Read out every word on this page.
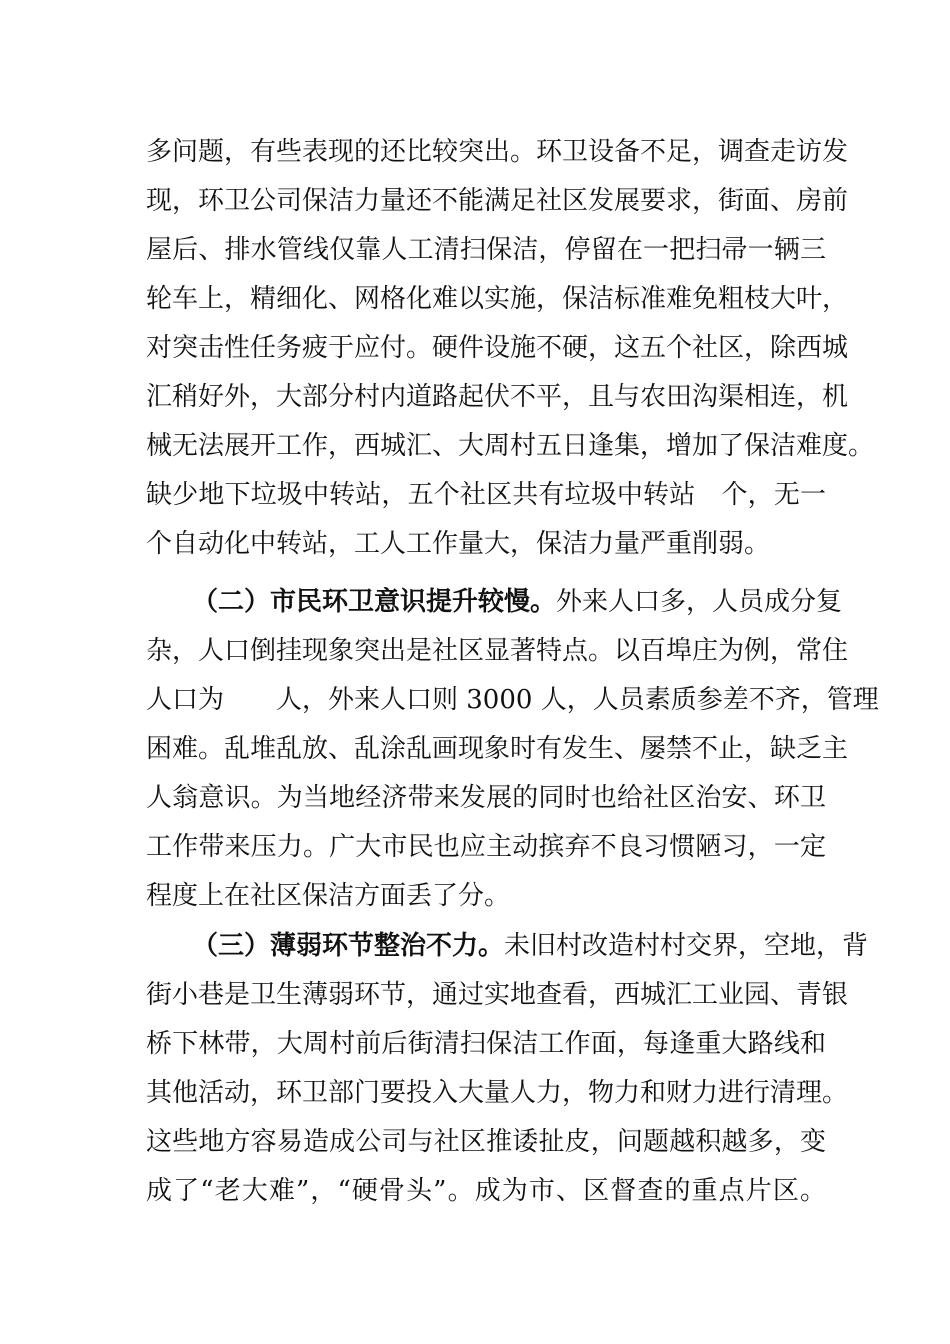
多问题，有些表现的还比较突出。环卫设备不足，调查走访发
现，环卫公司保洁力量还不能满足社区发展要求，街面、房前
屋后、排水管线仅靠人工清扫保洁，停留在一把扫帚一辆三
轮车上，精细化、网格化难以实施，保洁标准难免粗枝大叶，
对突击性任务疲于应付。硬件设施不硬，这五个社区，除西城
汇稍好外，大部分村内道路起伏不平，且与农田沟渠相连，机
械无法展开工作，西城汇、大周村五日逢集，增加了保洁难度。
缺少地下垃圾中转站，五个社区共有垃圾中转站　个，无一
个自动化中转站，工人工作量大，保洁力量严重削弱。
（二）市民环卫意识提升较慢。外来人口多，人员成分复
杂，人口倒挂现象突出是社区显著特点。以百埠庄为例，常住
人口为　　人，外来人口则 3000 人，人员素质参差不齐，管理
困难。乱堆乱放、乱涂乱画现象时有发生、屡禁不止，缺乏主
人翁意识。为当地经济带来发展的同时也给社区治安、环卫
工作带来压力。广大市民也应主动摈弃不良习惯陋习，一定
程度上在社区保洁方面丢了分。
（三）薄弱环节整治不力。未旧村改造村村交界，空地，背
街小巷是卫生薄弱环节，通过实地查看，西城汇工业园、青银
桥下林带，大周村前后街清扫保洁工作面，每逢重大路线和
其他活动，环卫部门要投入大量人力，物力和财力进行清理。
这些地方容易造成公司与社区推诿扯皮，问题越积越多，变
成了“老大难”，“硬骨头”。成为市、区督查的重点片区。
